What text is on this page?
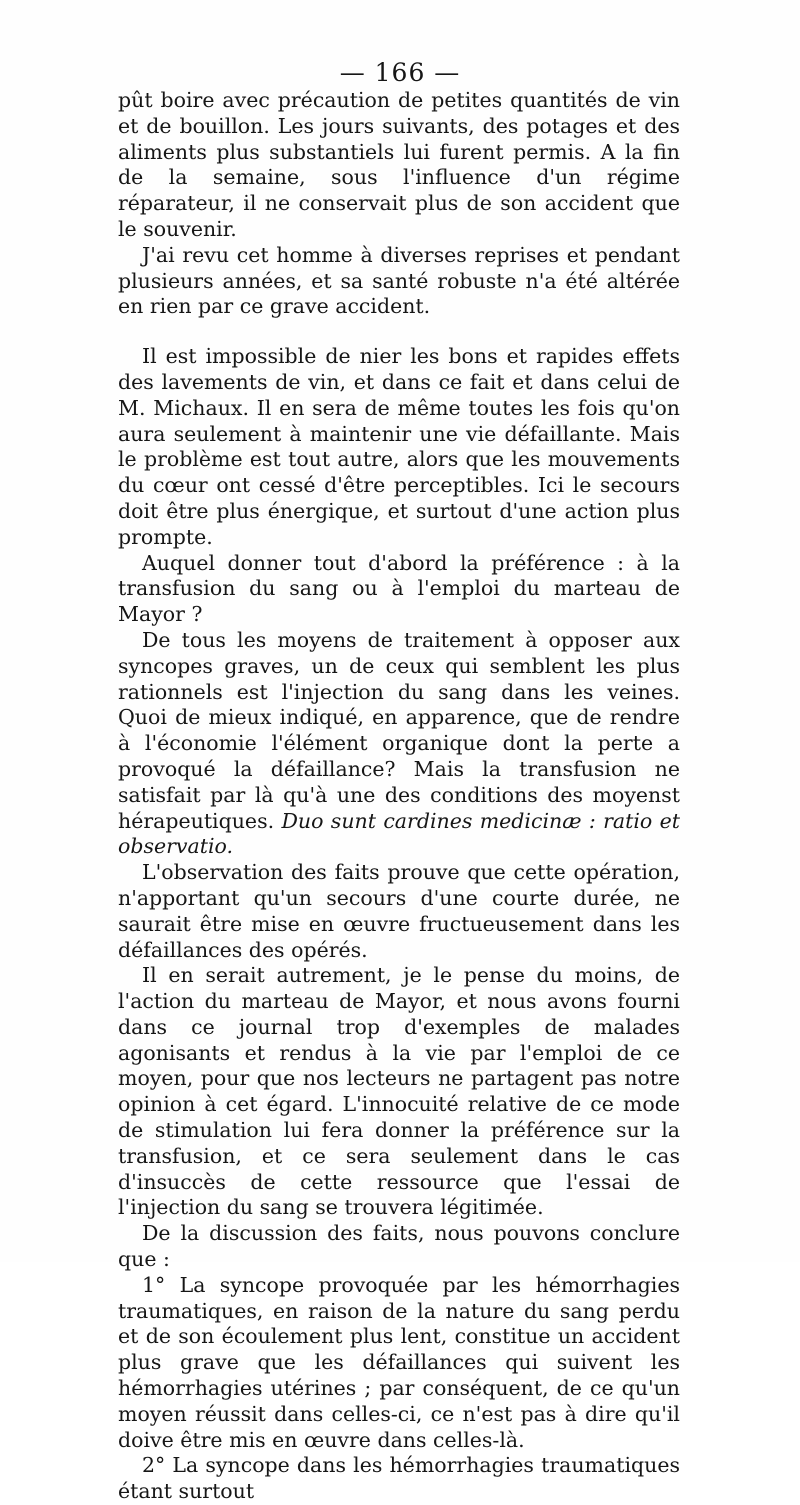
— 166 —

pût boire avec précaution de petites quantités de vin et de bouillon. Les jours suivants, des potages et des aliments plus substantiels lui furent permis. A la fin de la semaine, sous l'influence d'un régime réparateur, il ne conservait plus de son accident que le souvenir.

J'ai revu cet homme à diverses reprises et pendant plusieurs années, et sa santé robuste n'a été altérée en rien par ce grave accident.

Il est impossible de nier les bons et rapides effets des lavements de vin, et dans ce fait et dans celui de M. Michaux. Il en sera de même toutes les fois qu'on aura seulement à maintenir une vie défaillante. Mais le problème est tout autre, alors que les mouvements du cœur ont cessé d'être perceptibles. Ici le secours doit être plus énergique, et surtout d'une action plus prompte.

Auquel donner tout d'abord la préférence : à la transfusion du sang ou à l'emploi du marteau de Mayor ?

De tous les moyens de traitement à opposer aux syncopes graves, un de ceux qui semblent les plus rationnels est l'injection du sang dans les veines. Quoi de mieux indiqué, en apparence, que de rendre à l'économie l'élément organique dont la perte a provoqué la défaillance? Mais la transfusion ne satisfait par là qu'à une des conditions des moyenst hérapeutiques. Duo sunt cardines medicinæ : ratio et observatio.

L'observation des faits prouve que cette opération, n'apportant qu'un secours d'une courte durée, ne saurait être mise en œuvre fructueusement dans les défaillances des opérés.

Il en serait autrement, je le pense du moins, de l'action du marteau de Mayor, et nous avons fourni dans ce journal trop d'exemples de malades agonisants et rendus à la vie par l'emploi de ce moyen, pour que nos lecteurs ne partagent pas notre opinion à cet égard. L'innocuité relative de ce mode de stimulation lui fera donner la préférence sur la transfusion, et ce sera seulement dans le cas d'insuccès de cette ressource que l'essai de l'injection du sang se trouvera légitimée.

De la discussion des faits, nous pouvons conclure que :

1° La syncope provoquée par les hémorrhagies traumatiques, en raison de la nature du sang perdu et de son écoulement plus lent, constitue un accident plus grave que les défaillances qui suivent les hémorrhagies utérines ; par conséquent, de ce qu'un moyen réussit dans celles-ci, ce n'est pas à dire qu'il doive être mis en œuvre dans celles-là.

2° La syncope dans les hémorrhagies traumatiques étant surtout
